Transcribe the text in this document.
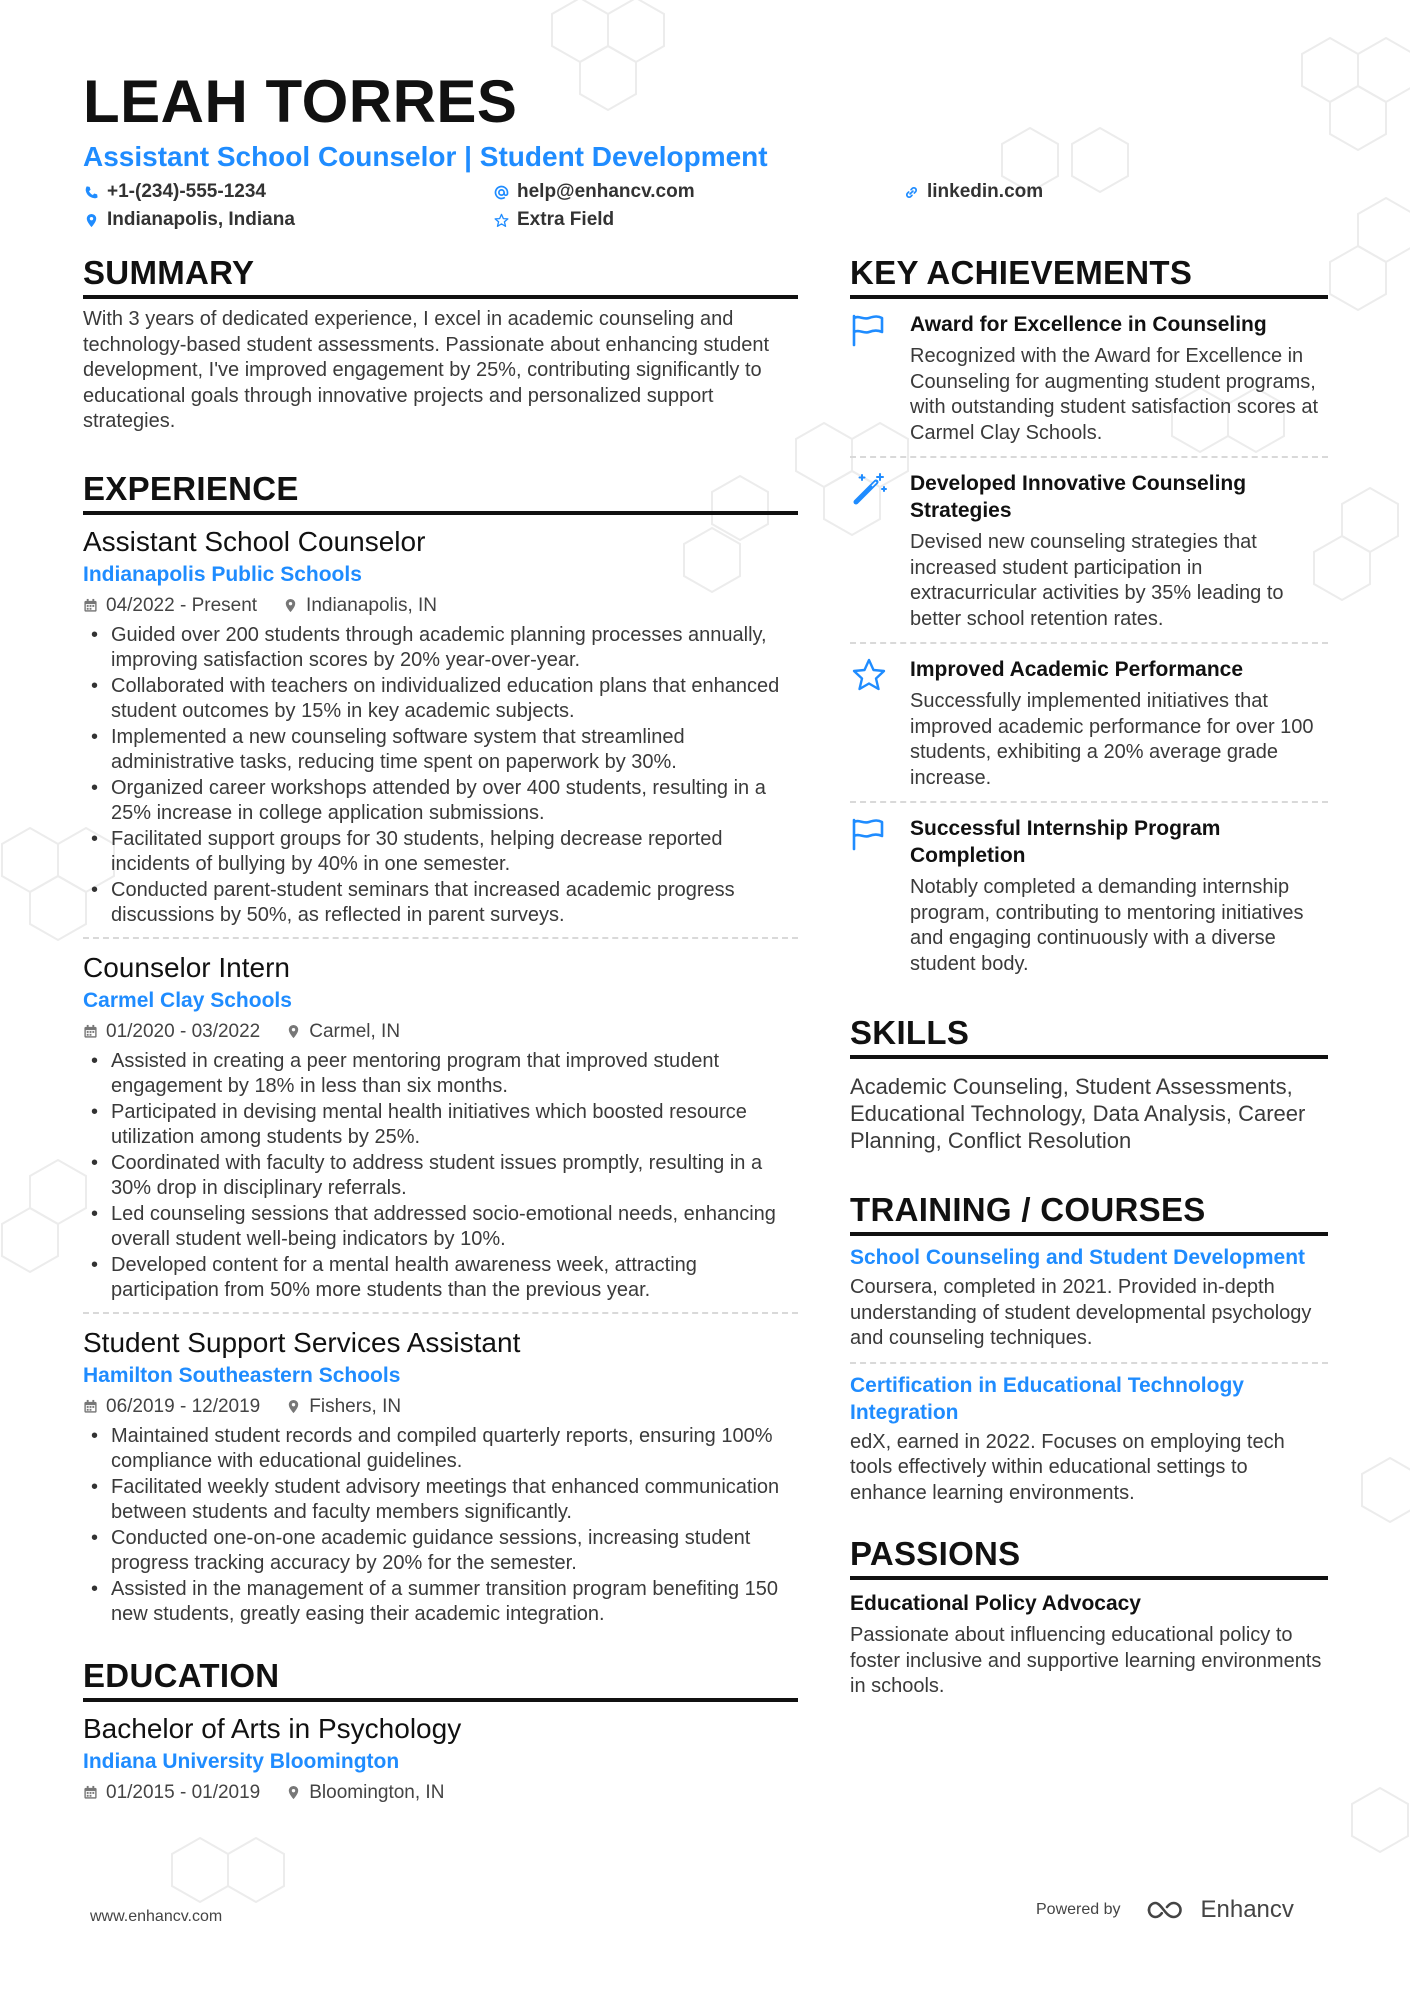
LEAH TORRES
Assistant School Counselor | Student Development
+1-(234)-555-1234	help@enhancv.com	linkedin.com
Indianapolis, Indiana	Extra Field
SUMMARY
With 3 years of dedicated experience, I excel in academic counseling and technology-based student assessments. Passionate about enhancing student development, I've improved engagement by 25%, contributing significantly to educational goals through innovative projects and personalized support strategies.
EXPERIENCE
Assistant School Counselor
Indianapolis Public Schools
04/2022 - Present	Indianapolis, IN
• Guided over 200 students through academic planning processes annually, improving satisfaction scores by 20% year-over-year.
• Collaborated with teachers on individualized education plans that enhanced student outcomes by 15% in key academic subjects.
• Implemented a new counseling software system that streamlined administrative tasks, reducing time spent on paperwork by 30%.
• Organized career workshops attended by over 400 students, resulting in a 25% increase in college application submissions.
• Facilitated support groups for 30 students, helping decrease reported incidents of bullying by 40% in one semester.
• Conducted parent-student seminars that increased academic progress discussions by 50%, as reflected in parent surveys.
Counselor Intern
Carmel Clay Schools
01/2020 - 03/2022	Carmel, IN
• Assisted in creating a peer mentoring program that improved student engagement by 18% in less than six months.
• Participated in devising mental health initiatives which boosted resource utilization among students by 25%.
• Coordinated with faculty to address student issues promptly, resulting in a 30% drop in disciplinary referrals.
• Led counseling sessions that addressed socio-emotional needs, enhancing overall student well-being indicators by 10%.
• Developed content for a mental health awareness week, attracting participation from 50% more students than the previous year.
Student Support Services Assistant
Hamilton Southeastern Schools
06/2019 - 12/2019	Fishers, IN
• Maintained student records and compiled quarterly reports, ensuring 100% compliance with educational guidelines.
• Facilitated weekly student advisory meetings that enhanced communication between students and faculty members significantly.
• Conducted one-on-one academic guidance sessions, increasing student progress tracking accuracy by 20% for the semester.
• Assisted in the management of a summer transition program benefiting 150 new students, greatly easing their academic integration.
EDUCATION
Bachelor of Arts in Psychology
Indiana University Bloomington
01/2015 - 01/2019	Bloomington, IN
KEY ACHIEVEMENTS
Award for Excellence in Counseling
Recognized with the Award for Excellence in Counseling for augmenting student programs, with outstanding student satisfaction scores at Carmel Clay Schools.
Developed Innovative Counseling Strategies
Devised new counseling strategies that increased student participation in extracurricular activities by 35% leading to better school retention rates.
Improved Academic Performance
Successfully implemented initiatives that improved academic performance for over 100 students, exhibiting a 20% average grade increase.
Successful Internship Program Completion
Notably completed a demanding internship program, contributing to mentoring initiatives and engaging continuously with a diverse student body.
SKILLS
Academic Counseling, Student Assessments, Educational Technology, Data Analysis, Career Planning, Conflict Resolution
TRAINING / COURSES
School Counseling and Student Development
Coursera, completed in 2021. Provided in-depth understanding of student developmental psychology and counseling techniques.
Certification in Educational Technology Integration
edX, earned in 2022. Focuses on employing tech tools effectively within educational settings to enhance learning environments.
PASSIONS
Educational Policy Advocacy
Passionate about influencing educational policy to foster inclusive and supportive learning environments in schools.
www.enhancv.com	Powered by	Enhancv
